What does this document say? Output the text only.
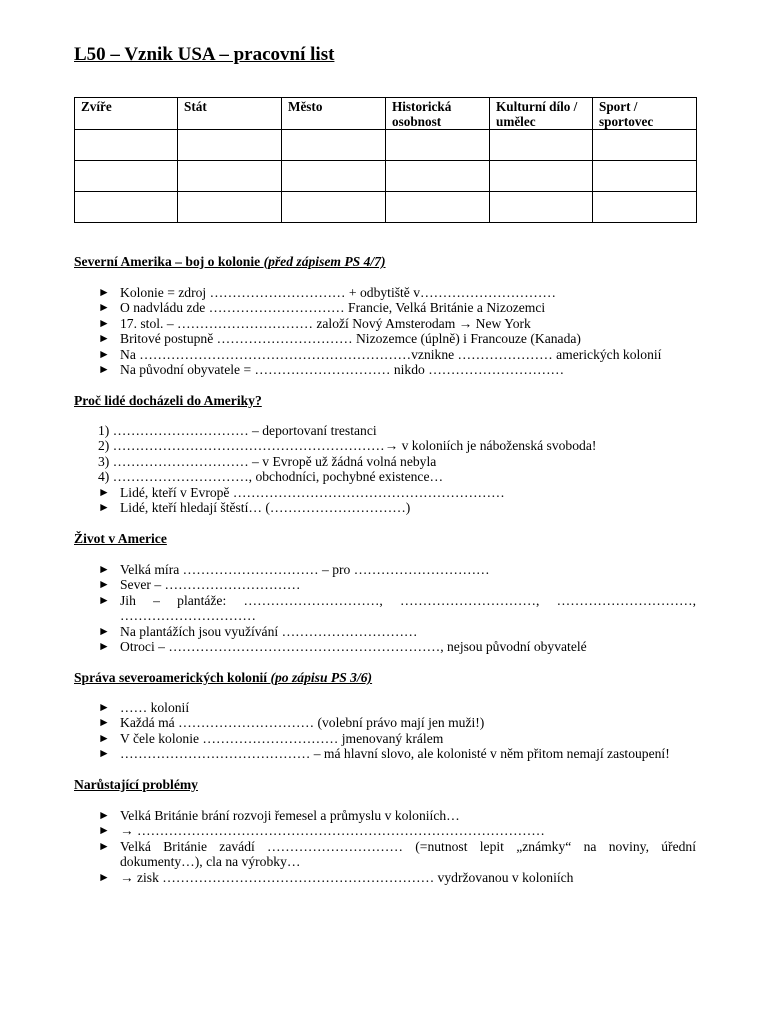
L50 – Vznik USA – pracovní list
Zvíře	Stát	Město	Historická osobnost	Kulturní dílo / umělec	Sport / sportovec

Severní Amerika – boj o kolonie (před zápisem PS 4/7)

► Kolonie = zdroj ………………………… + odbytiště v…………………………
► O nadvládu zde ………………………… Francie, Velká Británie a Nizozemci
► 17. stol. – ………………………… založí Nový Amsterodam → New York
► Britové postupně ………………………… Nizozemce (úplně) i Francouze (Kanada)
► Na ……………………………………………………vznikne ………………… amerických kolonií
► Na původní obyvatele = ………………………… nikdo …………………………

Proč lidé docházeli do Ameriky?

1) ………………………… – deportovaní trestanci
2) ……………………………………………………→ v koloniích je náboženská svoboda!
3) ………………………… – v Evropě už žádná volná nebyla
4) …………………………, obchodníci, pochybné existence…
► Lidé, kteří v Evropě ……………………………………………………
► Lidé, kteří hledají štěstí… (…………………………)

Život v Americe

► Velká míra ………………………… – pro …………………………
► Sever – …………………………
► Jih – plantáže: …………………………, …………………………, …………………………, …………………………
► Na plantážích jsou využívání …………………………
► Otroci – ……………………………………………………, nejsou původní obyvatelé

Správa severoamerických kolonií (po zápisu PS 3/6)

► …… kolonií
► Každá má ………………………… (volební právo mají jen muži!)
► V čele kolonie ………………………… jmenovaný králem
► …………………………………… – má hlavní slovo, ale kolonisté v něm přitom nemají zastoupení!

Narůstající problémy

► Velká Británie brání rozvoji řemesel a průmyslu v koloniích…
► → ………………………………………………………………………………
► Velká Británie zavádí ………………………… (=nutnost lepit „známky“ na noviny, úřední dokumenty…), cla na výrobky…
► → zisk …………………………………………………… vydržovanou v koloniích
